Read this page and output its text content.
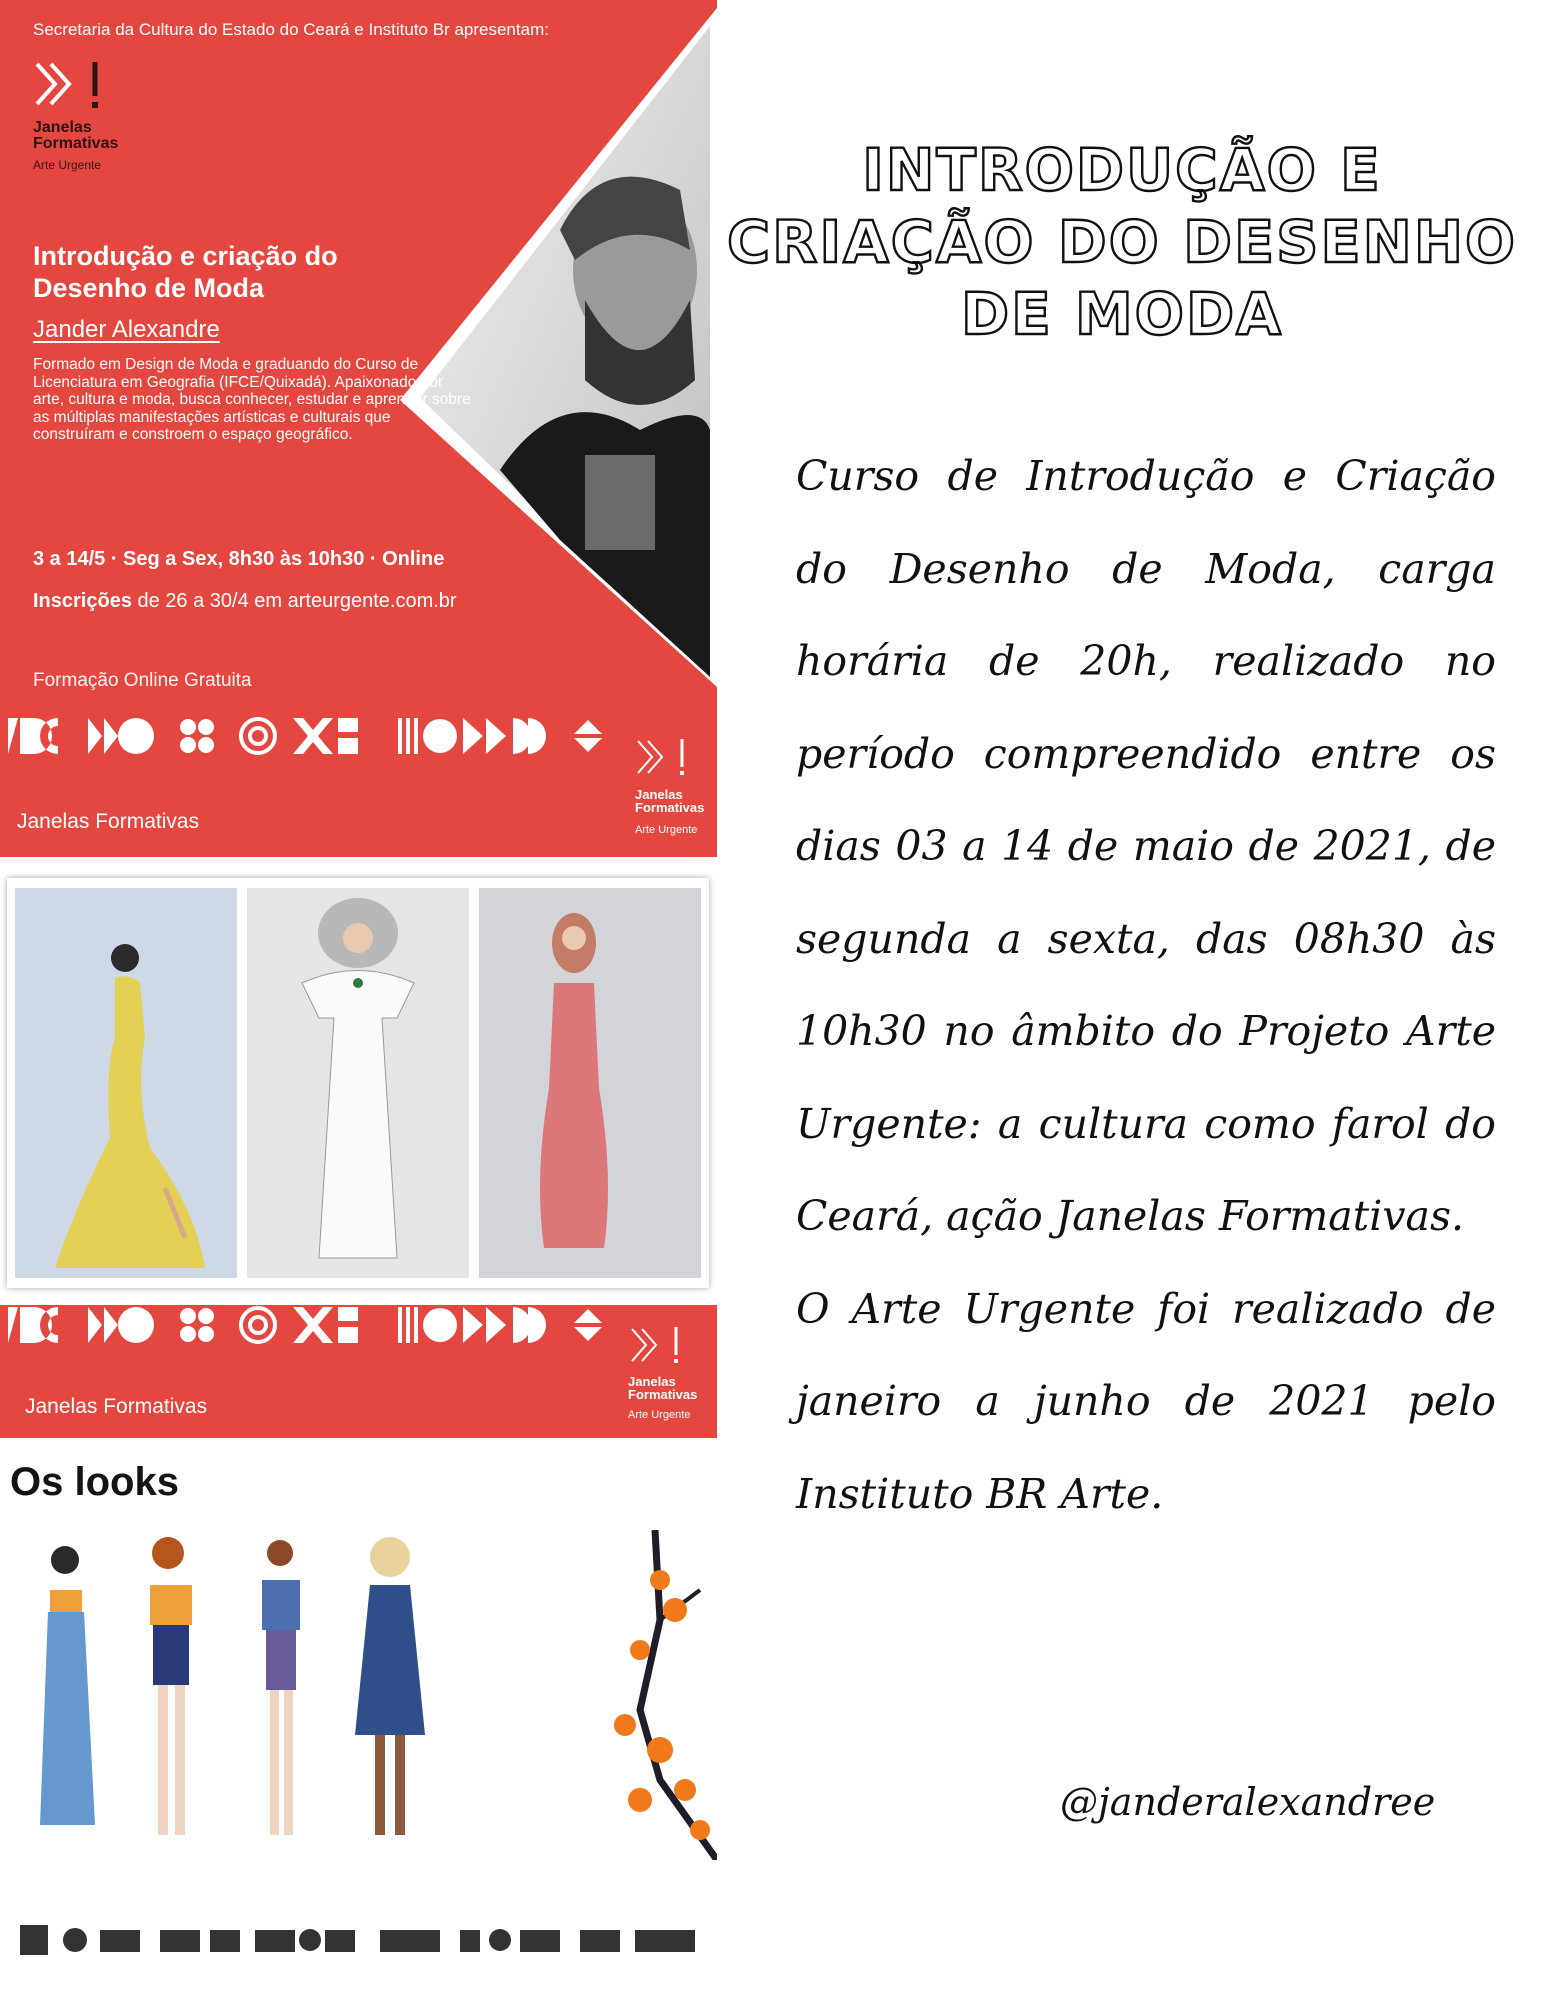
Secretaria da Cultura do Estado do Ceará e Instituto Br apresentam:
Janelas
Formativas
Arte Urgente
Introdução e criação do Desenho de Moda
Jander Alexandre
Formado em Design de Moda e graduando do Curso de Licenciatura em Geografia (IFCE/Quixadá). Apaixonado por arte, cultura e moda, busca conhecer, estudar e aprender sobre as múltiplas manifestações artísticas e culturais que construíram e constroem o espaço geográfico.
3 a 14/5 · Seg a Sex, 8h30 às 10h30 · Online
Inscrições de 26 a 30/4 em arteurgente.com.br
Formação Online Gratuita
Janelas
Formativas
Arte Urgente
Janelas Formativas
Janelas
Formativas
Arte Urgente
Janelas Formativas
Os looks
INTRODUÇÃO E
CRIAÇÃO DO DESENHO
DE MODA

Curso de Introdução e Criação do Desenho de Moda, carga horária de 20h, realizado no período compreendido entre os dias 03 a 14 de maio de 2021, de segunda a sexta, das 08h30 às 10h30 no âmbito do Projeto Arte Urgente: a cultura como farol do Ceará, ação Janelas Formativas.

O Arte Urgente foi realizado de janeiro a junho de 2021 pelo Instituto BR Arte.

@janderalexandree
